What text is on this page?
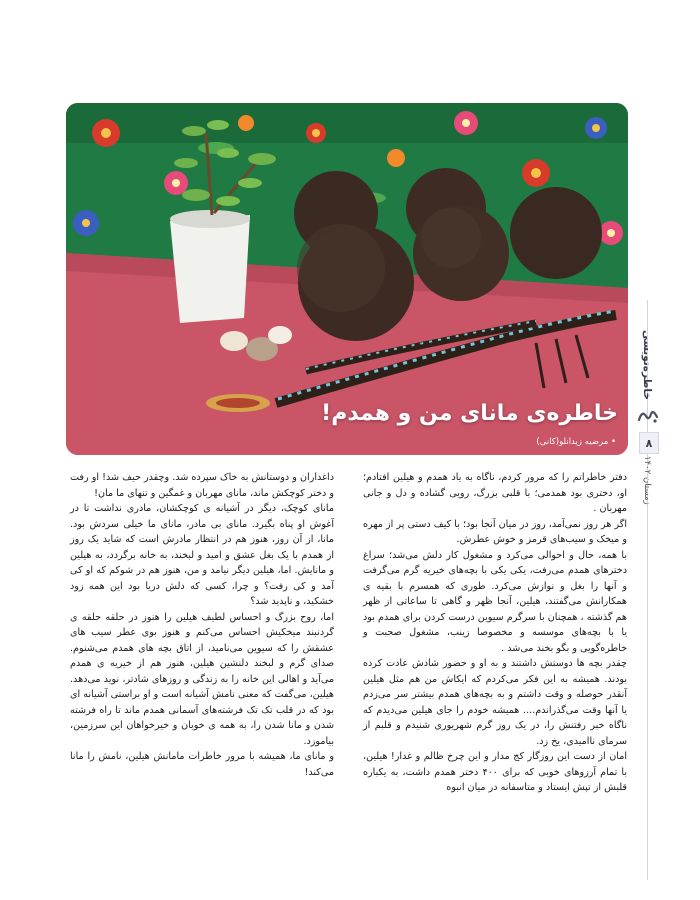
خاطره‌ی مانای من و همدم!
• مرضیه زیدانلو(کانی)
خاطره‌نویسی
۸
زمستان ۱۴۰۲

دفتر خاطراتم را که مرور کردم، ناگاه به یاد همدم و هیلین افتادم؛ او، دختری بود همدمی؛ با قلبی بزرگ، رویی گشاده و دل و جانی مهربان .

اگر هر روز نمی‌آمد، روز در میان آنجا بود؛ با کیف دستی پر از مهره و میخک و سیب‌های قرمز و خوش عطرش.

با همه، حال و احوالی می‌کرد و مشغول کار دلش می‌شد؛ سراغ دخترهای همدم می‌رفت، یکی یکی با بچه‌های خیریه گرم می‌گرفت و آنها را بغل و نوازش می‌کرد. طوری که همسرم با بقیه ی همکارانش می‌گفتند، هیلین، آنجا ظهر و گاهی تا ساعاتی از ظهر هم گذشته ، همچنان با سرگرم سیوین درست کردن برای همدم بود یا با بچه‌های موسسه و مخصوصا زینب، مشغول صحبت و خاطره‌گویی و بگو بخند می‌شد .

چقدر بچه ها دوستش داشتند و به او و حضور شادش عادت کرده بودند. همیشه به این فکر می‌کردم که ایکاش من هم مثل هیلین آنقدر حوصله و وقت داشتم و به بچه‌های همدم بیشتر سر می‌زدم یا آنها وقت می‌گذراندم.... همیشه خودم را جای هیلین می‌دیدم که ناگاه خبر رفتنش را، در یک روز گرم شهریوری شنیدم و قلبم از سرمای ناامیدی، یخ زد.

امان از دست این روزگار کج مدار و این چرخ ظالم و غدار! هیلین، با تمام آرزوهای خوبی که برای ۴۰۰ دختر همدم داشت، به یکباره قلبش از تپش ایستاد و متاسفانه در میان انبوه

داغداران و دوستانش به خاک سپرده شد. وچقدر حیف شد! او رفت و دختر کوچکش ماند، مانای مهربان و غمگین و تنهای ما مان!

مانای کوچک، دیگر در آشیانه ی کوچکشان، مادری نداشت تا در آغوش او پناه بگیرد. مانای بی مادر، مانای ما خیلی سردش بود. مانا، از آن روز، هنوز هم در انتظار مادرش است که شاید یک روز از همدم با یک بغل عشق و امید و لبخند، به خانه برگردد، به هیلین و مانایش. اما، هیلین دیگر نیامد و من، هنوز هم در شوکم که او کی آمد و کی رفت؟ و چرا، کسی که دلش دریا بود این همه زود خشکید، و ناپدید شد؟

اما، روح بزرگ و احساس لطیف هیلین را هنوز در حلقه حلقه ی گردنبند میخکیش احساس می‌کنم و هنوز بوی عطر سیب های عشقش را که سیوین می‌نامید، از اتاق بچه های همدم می‌شنوم. صدای گرم و لبخند دلنشین هیلین، هنوز هم از خیریه ی همدم می‌آید و اهالی این خانه را به زندگی و روزهای شادتر، نوید می‌دهد. هیلین، می‌گفت که معنی نامش آشیانه است و او براستی آشیانه ای بود که در قلب تک تک فرشته‌های آسمانی همدم ماند تا راه فرشته شدن و مانا شدن را، به همه ی خوبان و خیرخواهان این سرزمین، بیاموزد.

و مانای ما، همیشه با مرور خاطرات مامانش هیلین، نامش را مانا می‌کند!
